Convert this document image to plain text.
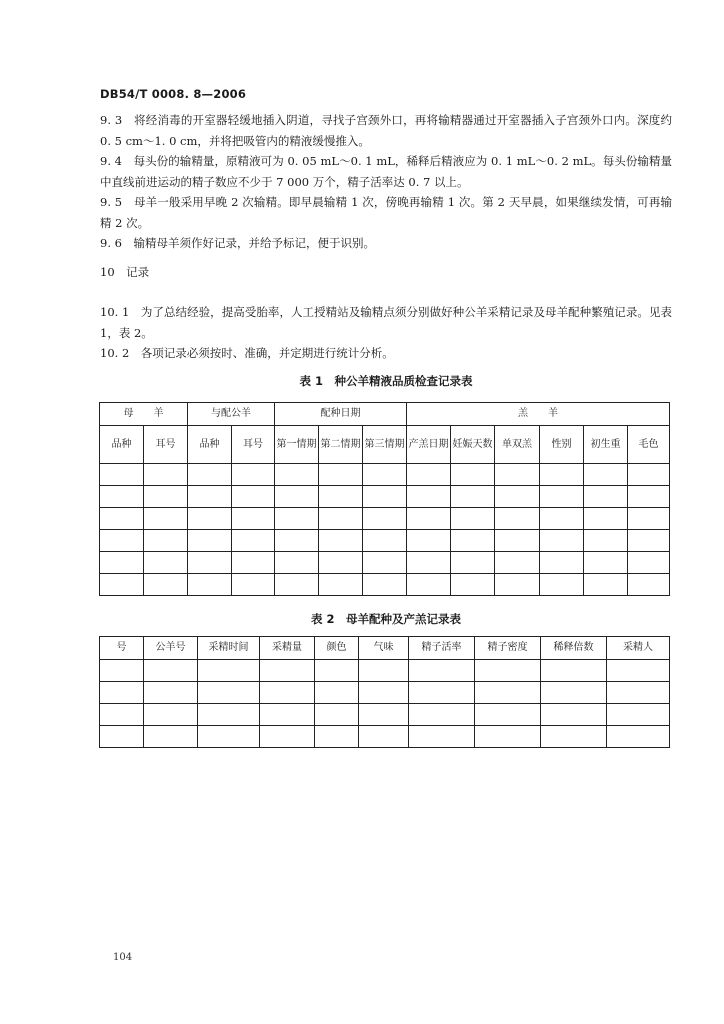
DB54/T 0008. 8—2006

9. 3　将经消毒的开室器轻缓地插入阴道，寻找子宫颈外口，再将输精器通过开室器插入子宫颈外口内。深度约 0. 5 cm～1. 0 cm，并将把吸管内的精液缓慢推入。

9. 4　每头份的输精量，原精液可为 0. 05 mL～0. 1 mL，稀释后精液应为 0. 1 mL～0. 2 mL。每头份输精量中直线前进运动的精子数应不少于 7 000 万个，精子活率达 0. 7 以上。

9. 5　母羊一般采用早晚 2 次输精。即早晨输精 1 次，傍晚再输精 1 次。第 2 天早晨，如果继续发情，可再输精 2 次。

9. 6　输精母羊须作好记录，并给予标记，便于识别。

10　记录

10. 1　为了总结经验，提高受胎率，人工授精站及输精点须分别做好种公羊采精记录及母羊配种繁殖记录。见表 1，表 2。

10. 2　各项记录必须按时、准确，并定期进行统计分析。

表 1　种公羊精液品质检查记录表
母　　羊		与配公羊		配种日期			羔　　羊					
品种	耳号	品种	耳号	第一情期	第二情期	第三情期	产羔日期	妊娠天数	单双羔	性别	初生重	毛色

表 2　母羊配种及产羔记录表
号	公羊号	采精时间	采精量	颜色	气味	精子活率	精子密度	稀释倍数	采精人

104
